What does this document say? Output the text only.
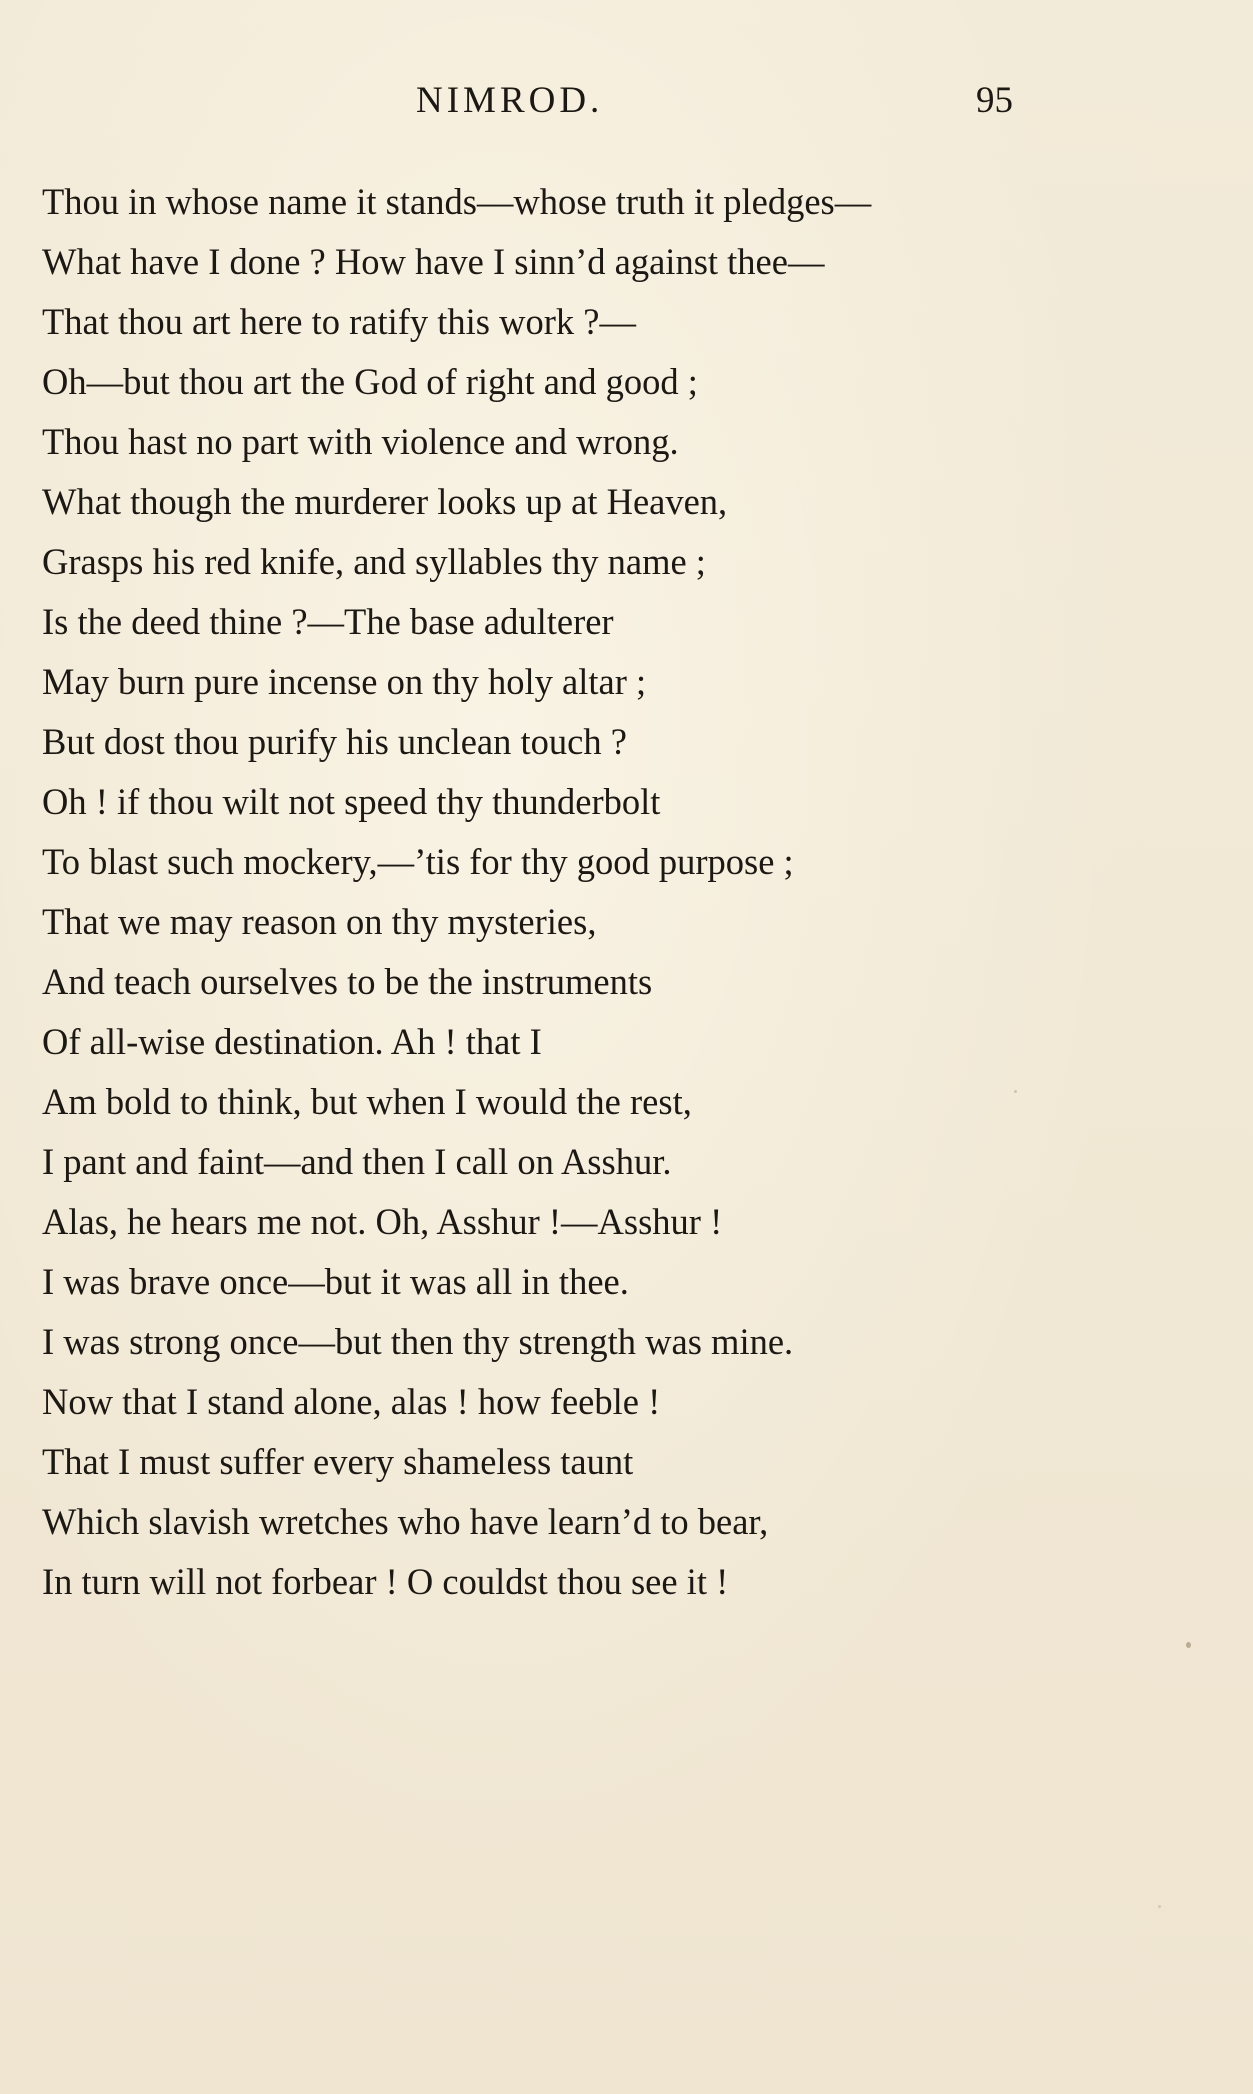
NIMROD.	95
Thou in whose name it stands—whose truth it pledges—
What have I done ? How have I sinn’d against thee—
That thou art here to ratify this work ?—
Oh—but thou art the God of right and good ;
Thou hast no part with violence and wrong.
What though the murderer looks up at Heaven,
Grasps his red knife, and syllables thy name ;
Is the deed thine ?—The base adulterer
May burn pure incense on thy holy altar ;
But dost thou purify his unclean touch ?
Oh ! if thou wilt not speed thy thunderbolt
To blast such mockery,—’tis for thy good purpose ;
That we may reason on thy mysteries,
And teach ourselves to be the instruments
Of all-wise destination. Ah ! that I
Am bold to think, but when I would the rest,
I pant and faint—and then I call on Asshur.
Alas, he hears me not. Oh, Asshur !—Asshur !
I was brave once—but it was all in thee.
I was strong once—but then thy strength was mine.
Now that I stand alone, alas ! how feeble !
That I must suffer every shameless taunt
Which slavish wretches who have learn’d to bear,
In turn will not forbear ! O couldst thou see it !
